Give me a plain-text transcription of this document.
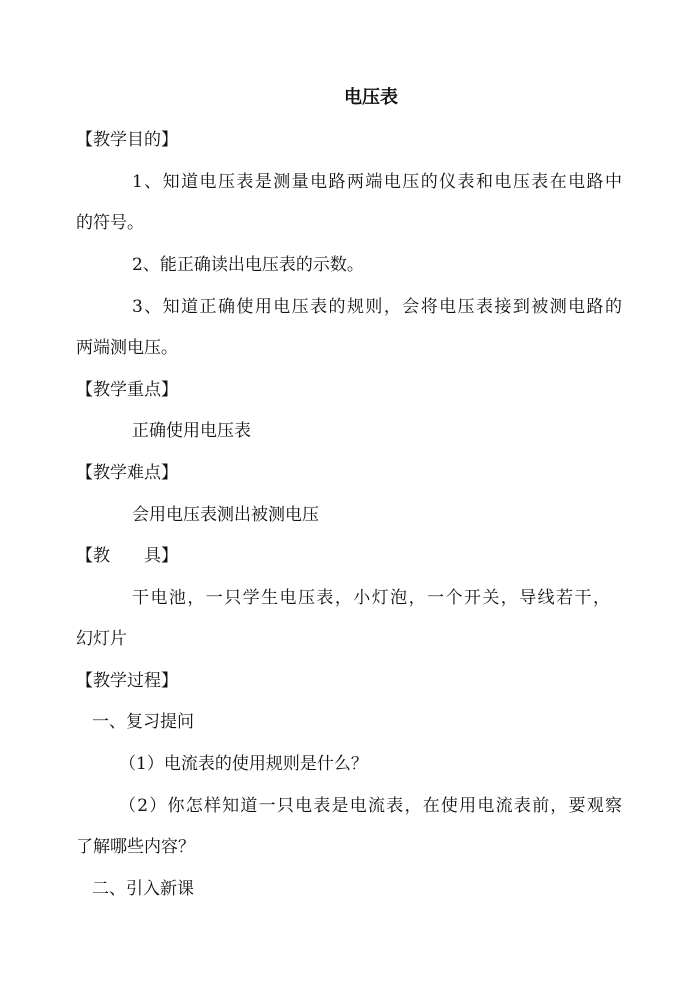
电压表
【教学目的】
1、知道电压表是测量电路两端电压的仪表和电压表在电路中
的符号。
2、能正确读出电压表的示数。
3、知道正确使用电压表的规则，会将电压表接到被测电路的
两端测电压。
【教学重点】
正确使用电压表
【教学难点】
会用电压表测出被测电压
【教　　具】
干电池，一只学生电压表，小灯泡，一个开关，导线若干，
幻灯片
【教学过程】
一、复习提问
（1）电流表的使用规则是什么？
（2）你怎样知道一只电表是电流表，在使用电流表前，要观察
了解哪些内容？
二、引入新课
